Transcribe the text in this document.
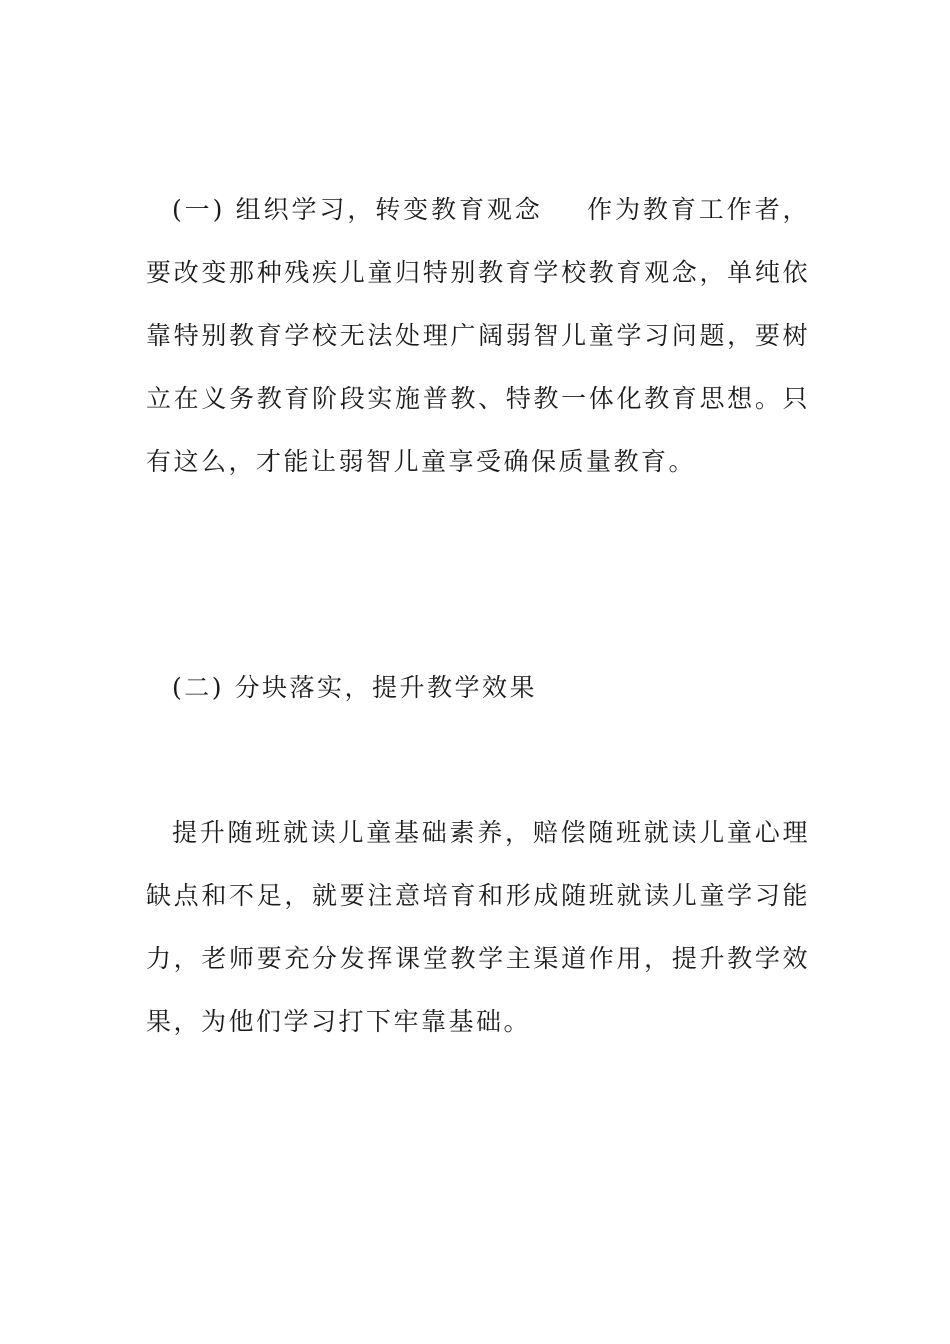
(一) 组织学习，转变教育观念 作为教育工作者，要改变那种残疾儿童归特别教育学校教育观念，单纯依靠特别教育学校无法处理广阔弱智儿童学习问题，要树立在义务教育阶段实施普教、特教一体化教育思想。只有这么，才能让弱智儿童享受确保质量教育。

(二) 分块落实，提升教学效果

提升随班就读儿童基础素养，赔偿随班就读儿童心理缺点和不足，就要注意培育和形成随班就读儿童学习能力，老师要充分发挥课堂教学主渠道作用，提升教学效果，为他们学习打下牢靠基础。
